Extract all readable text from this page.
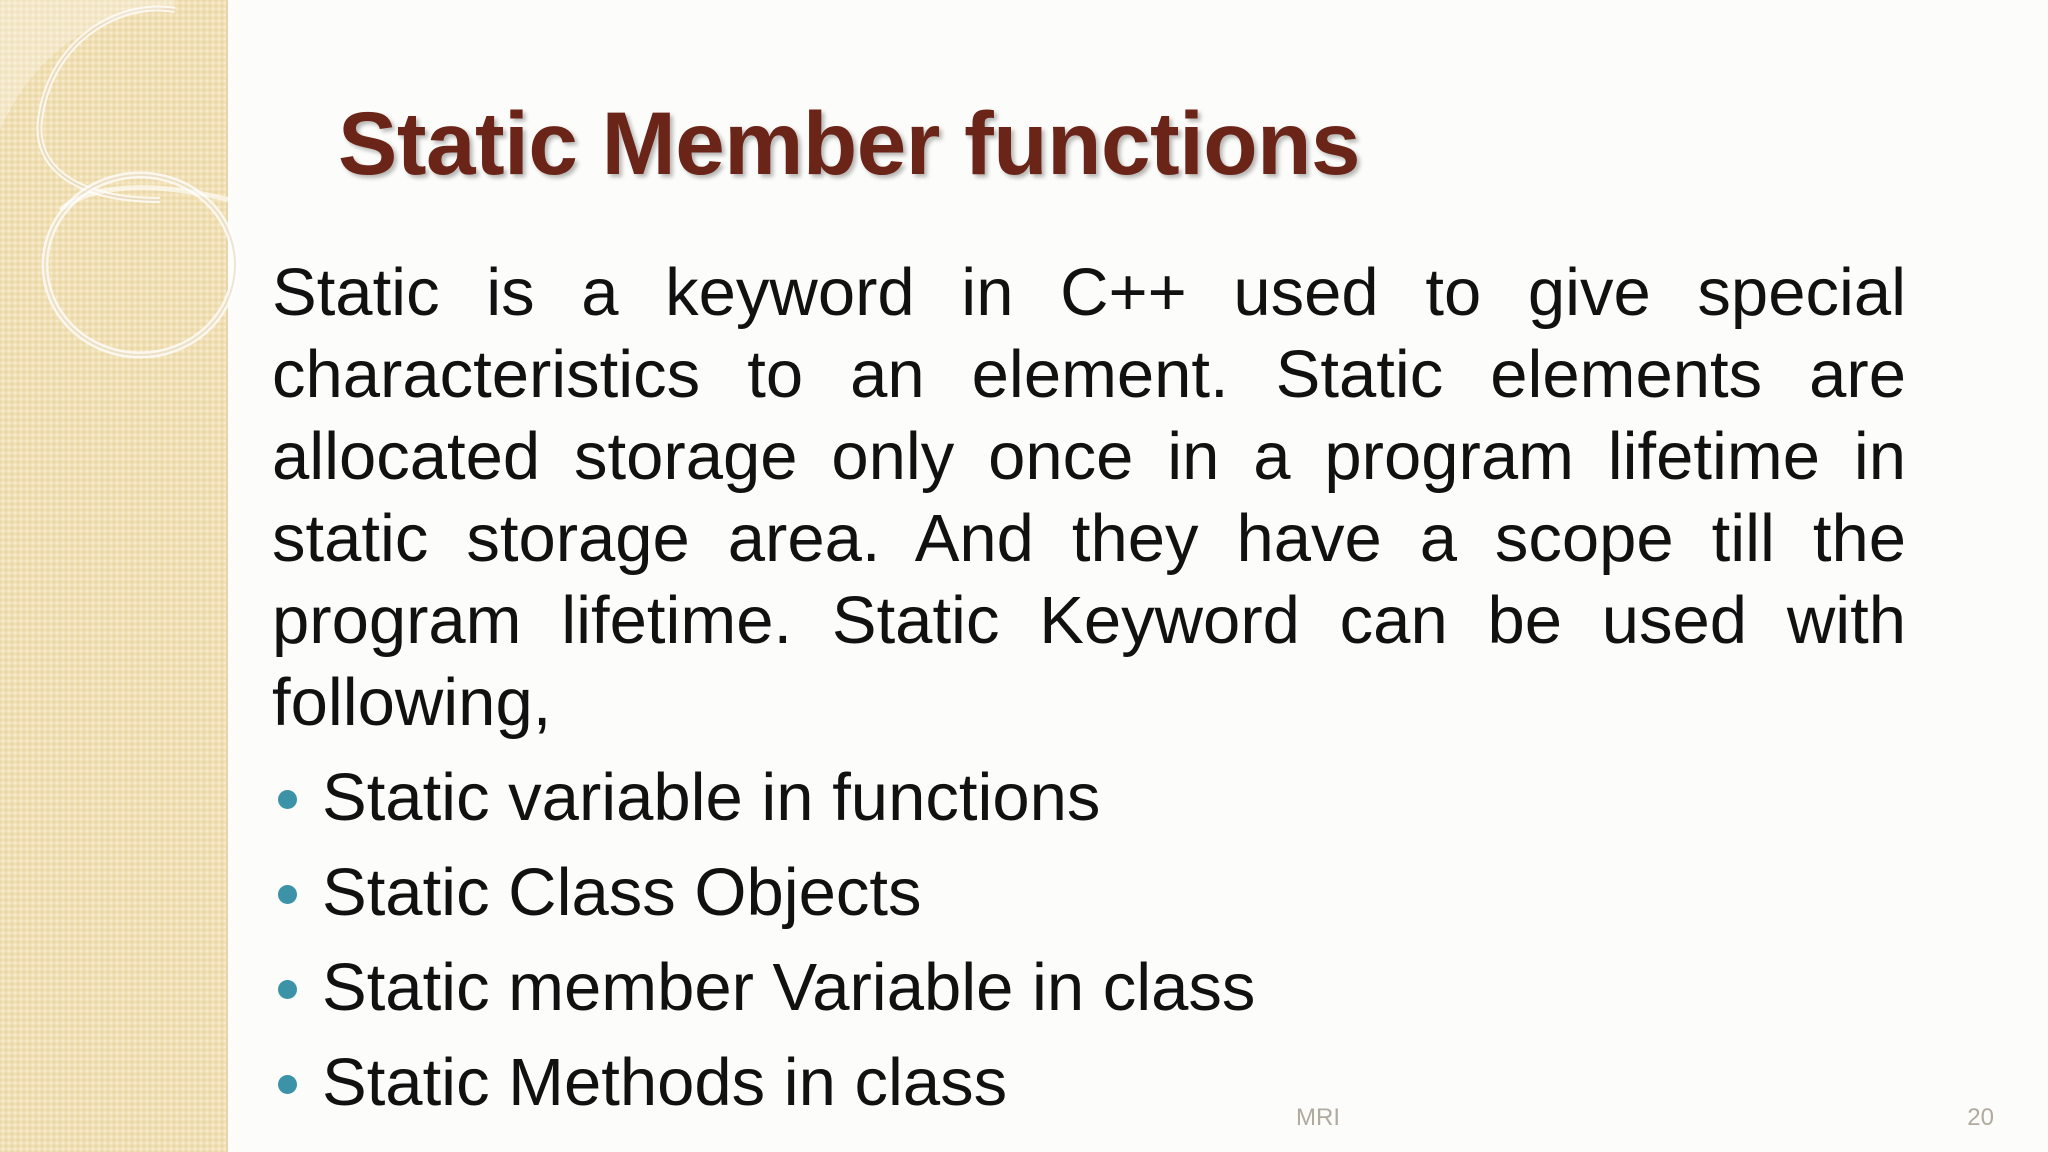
Static Member functions

Static is a keyword in C++ used to give special characteristics to an element. Static elements are allocated storage only once in a program lifetime in static storage area. And they have a scope till the program lifetime. Static Keyword can be used with following,

Static variable in functions
Static Class Objects
Static member Variable in class
Static Methods in class	MRI	20
